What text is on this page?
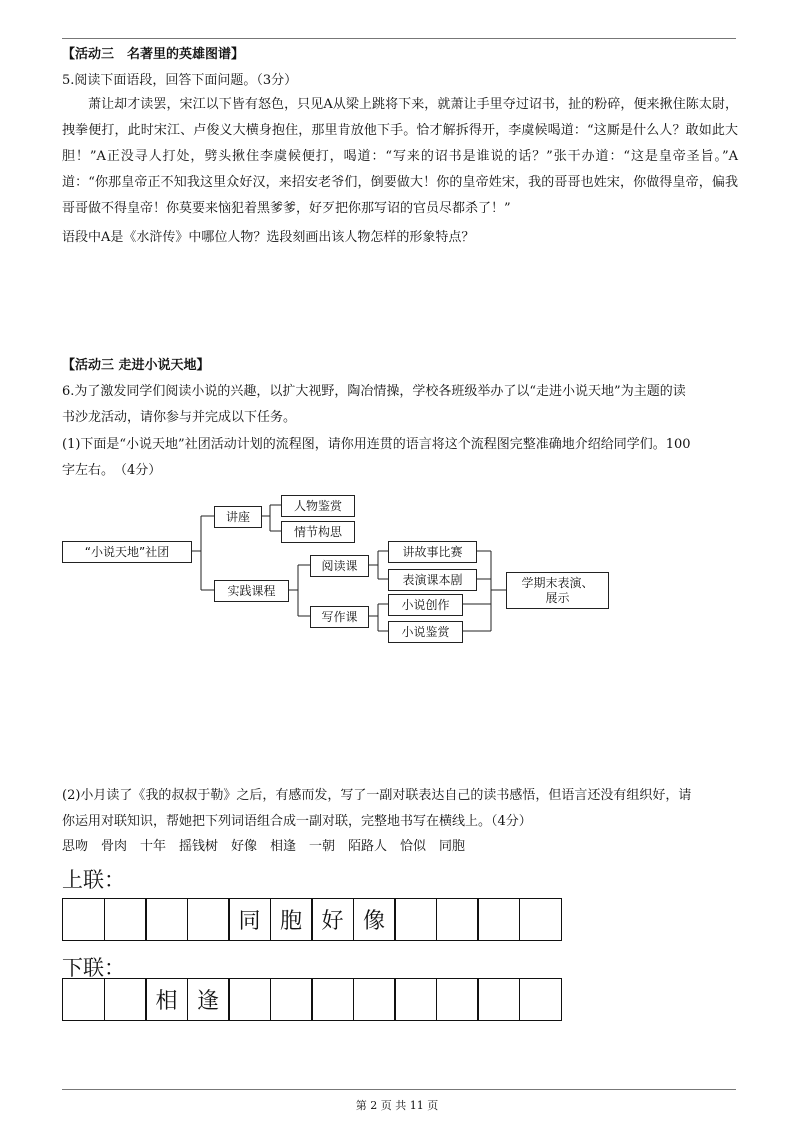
【活动三　名著里的英雄图谱】

5.阅读下面语段，回答下面问题。（3分）

萧让却才读罢，宋江以下皆有怒色，只见A从梁上跳将下来，就萧让手里夺过诏书，扯的粉碎，便来揪住陈太尉，拽拳便打，此时宋江、卢俊义大横身抱住，那里肯放他下手。恰才解拆得开，李虞候喝道：“这厮是什么人？敢如此大胆！”A正没寻人打处，劈头揪住李虞候便打，喝道：“写来的诏书是谁说的话？”张干办道：“这是皇帝圣旨。”A道：“你那皇帝正不知我这里众好汉，来招安老爷们，倒要做大！你的皇帝姓宋，我的哥哥也姓宋，你做得皇帝，偏我哥哥做不得皇帝！你莫要来恼犯着黑爹爹，好歹把你那写诏的官员尽都杀了！”

语段中A是《水浒传》中哪位人物？选段刻画出该人物怎样的形象特点？

【活动三 走进小说天地】

6.为了激发同学们阅读小说的兴趣，以扩大视野，陶冶情操，学校各班级举办了以“走进小说天地”为主题的读

书沙龙活动，请你参与并完成以下任务。

(1)下面是“小说天地”社团活动计划的流程图，请你用连贯的语言将这个流程图完整准确地介绍给同学们。100

字左右。　（4分）

“小说天地”社团
讲座
人物鉴赏
情节构思
实践课程
阅读课
讲故事比赛
表演课本剧
写作课
小说创作
小说鉴赏
学期末表演、
展示

(2)小月读了《我的叔叔于勒》之后，有感而发，写了一副对联表达自己的读书感悟，但语言还没有组织好，请

你运用对联知识，帮她把下列词语组合成一副对联，完整地书写在横线上。（4分）

思吻　骨肉　十年　摇钱树　好像　相逢　一朝　陌路人　恰似　同胞

上联：
同 胞 好 像
下联：
相 逢
第 2 页 共 11 页
